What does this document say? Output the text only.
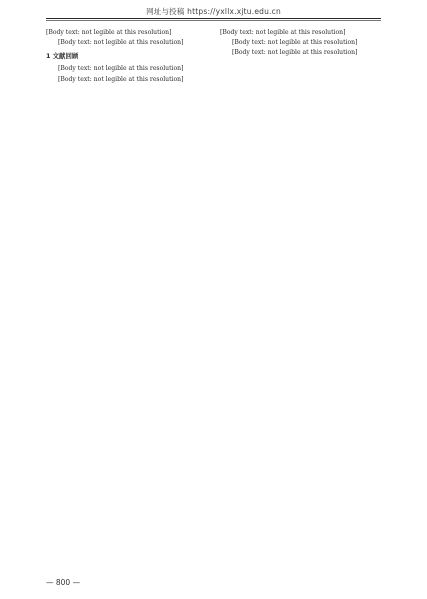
网址与投稿 https://yxllx.xjtu.edu.cn

[Body text: not legible at this resolution]

[Body text: not legible at this resolution]

1 文献回顾

[Body text: not legible at this resolution]

[Body text: not legible at this resolution]

[Body text: not legible at this resolution]

[Body text: not legible at this resolution]

[Body text: not legible at this resolution]

— 800 —
